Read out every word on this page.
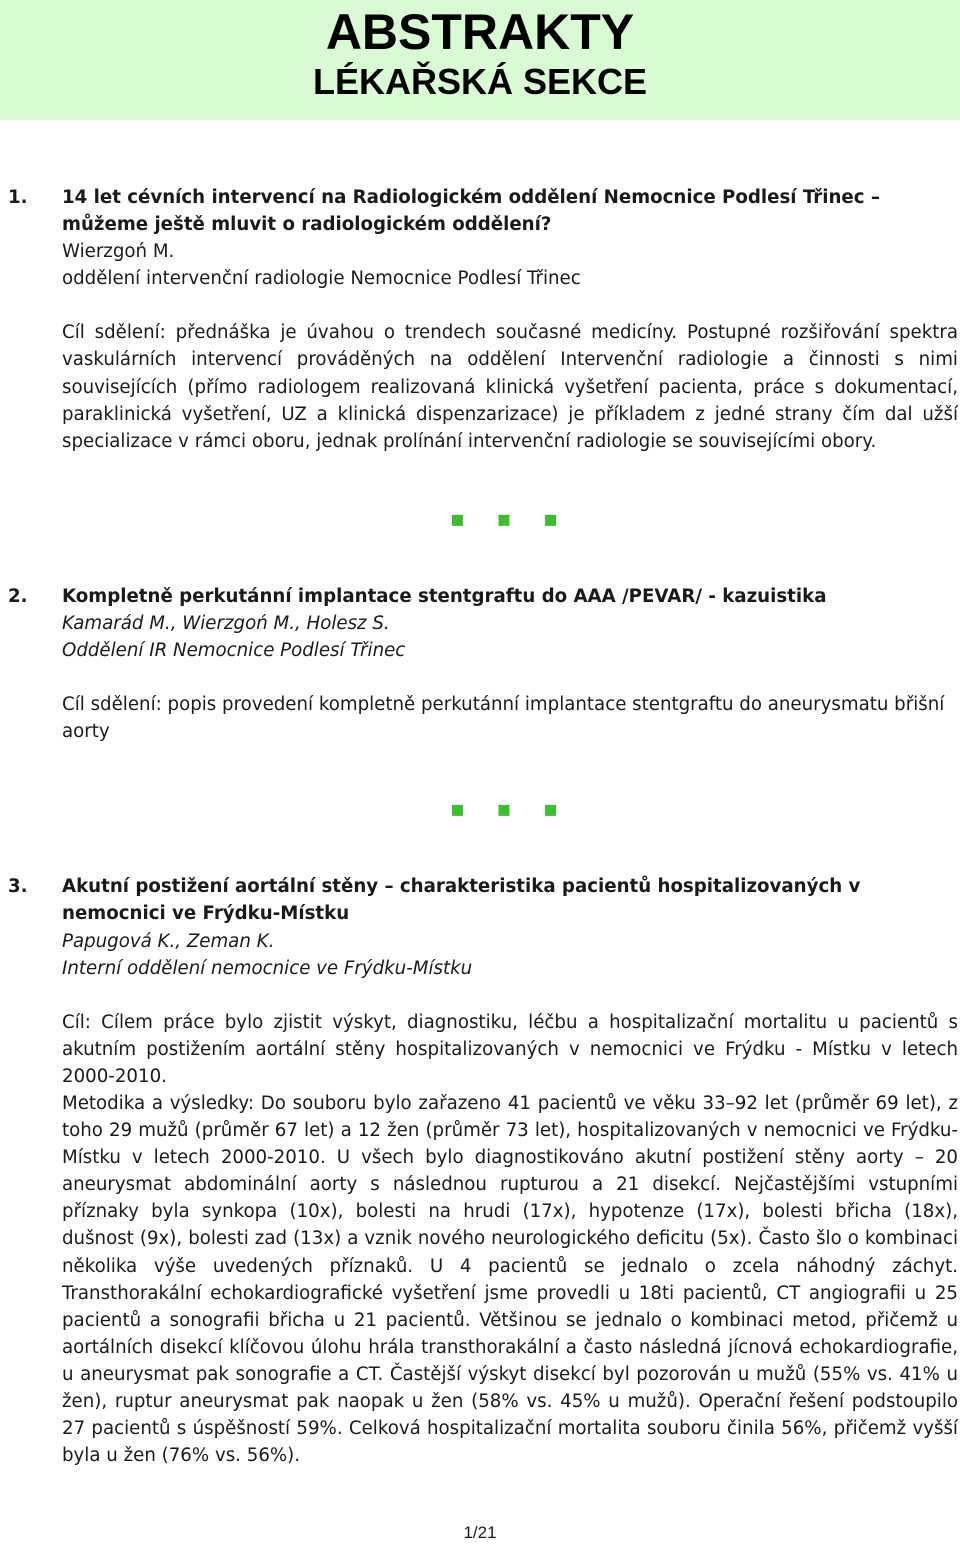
ABSTRAKTY
LÉKAŘSKÁ SEKCE
1. 14 let cévních intervencí na Radiologickém oddělení Nemocnice Podlesí Třinec – můžeme ještě mluvit o radiologickém oddělení?
Wierzgoń M.
oddělení intervenční radiologie Nemocnice Podlesí Třinec
Cíl sdělení: přednáška je úvahou o trendech současné medicíny. Postupné rozšiřování spektra vaskulárních intervencí prováděných na oddělení Intervenční radiologie a činnosti s nimi souvisejících (přímo radiologem realizovaná klinická vyšetření pacienta, práce s dokumentací, paraklinická vyšetření, UZ a klinická dispenzarizace) je příkladem z jedné strany čím dal užší specializace v rámci oboru, jednak prolínání intervenční radiologie se souvisejícími obory.
▪ ▪ ▪
2. Kompletně perkutánní implantace stentgraftu do AAA /PEVAR/ - kazuistika
Kamarád M., Wierzgoń M., Holesz S.
Oddělení IR Nemocnice Podlesí Třinec
Cíl sdělení: popis provedení kompletně perkutánní implantace stentgraftu do aneurysmatu břišní aorty
▪ ▪ ▪
3. Akutní postižení aortální stěny – charakteristika pacientů hospitalizovaných v nemocnici ve Frýdku-Místku
Papugová K., Zeman K.
Interní oddělení nemocnice ve Frýdku-Místku
Cíl: Cílem práce bylo zjistit výskyt, diagnostiku, léčbu a hospitalizační mortalitu u pacientů s akutním postižením aortální stěny hospitalizovaných v nemocnici ve Frýdku - Místku v letech 2000-2010.
Metodika a výsledky: Do souboru bylo zařazeno 41 pacientů ve věku 33–92 let (průměr 69 let), z toho 29 mužů (průměr 67 let) a 12 žen (průměr 73 let), hospitalizovaných v nemocnici ve Frýdku-Místku v letech 2000-2010. U všech bylo diagnostikováno akutní postižení stěny aorty – 20 aneurysmat abdominální aorty s následnou rupturou a 21 disekcí. Nejčastějšími vstupními příznaky byla synkopa (10x), bolesti na hrudi (17x), hypotenze (17x), bolesti břicha (18x), dušnost (9x), bolesti zad (13x) a vznik nového neurologického deficitu (5x). Často šlo o kombinaci několika výše uvedených příznaků. U 4 pacientů se jednalo o zcela náhodný záchyt. Transthorakální echokardiografické vyšetření jsme provedli u 18ti pacientů, CT angiografii u 25 pacientů a sonografii břicha u 21 pacientů. Většinou se jednalo o kombinaci metod, přičemž u aortálních disekcí klíčovou úlohu hrála transthorakální a často následná jícnová echokardiografie, u aneurysmat pak sonografie a CT. Častější výskyt disekcí byl pozorován u mužů (55% vs. 41% u žen), ruptur aneurysmat pak naopak u žen (58% vs. 45% u mužů). Operační řešení podstoupilo 27 pacientů s úspěšností 59%. Celková hospitalizační mortalita souboru činila 56%, přičemž vyšší byla u žen (76% vs. 56%).
1/21
